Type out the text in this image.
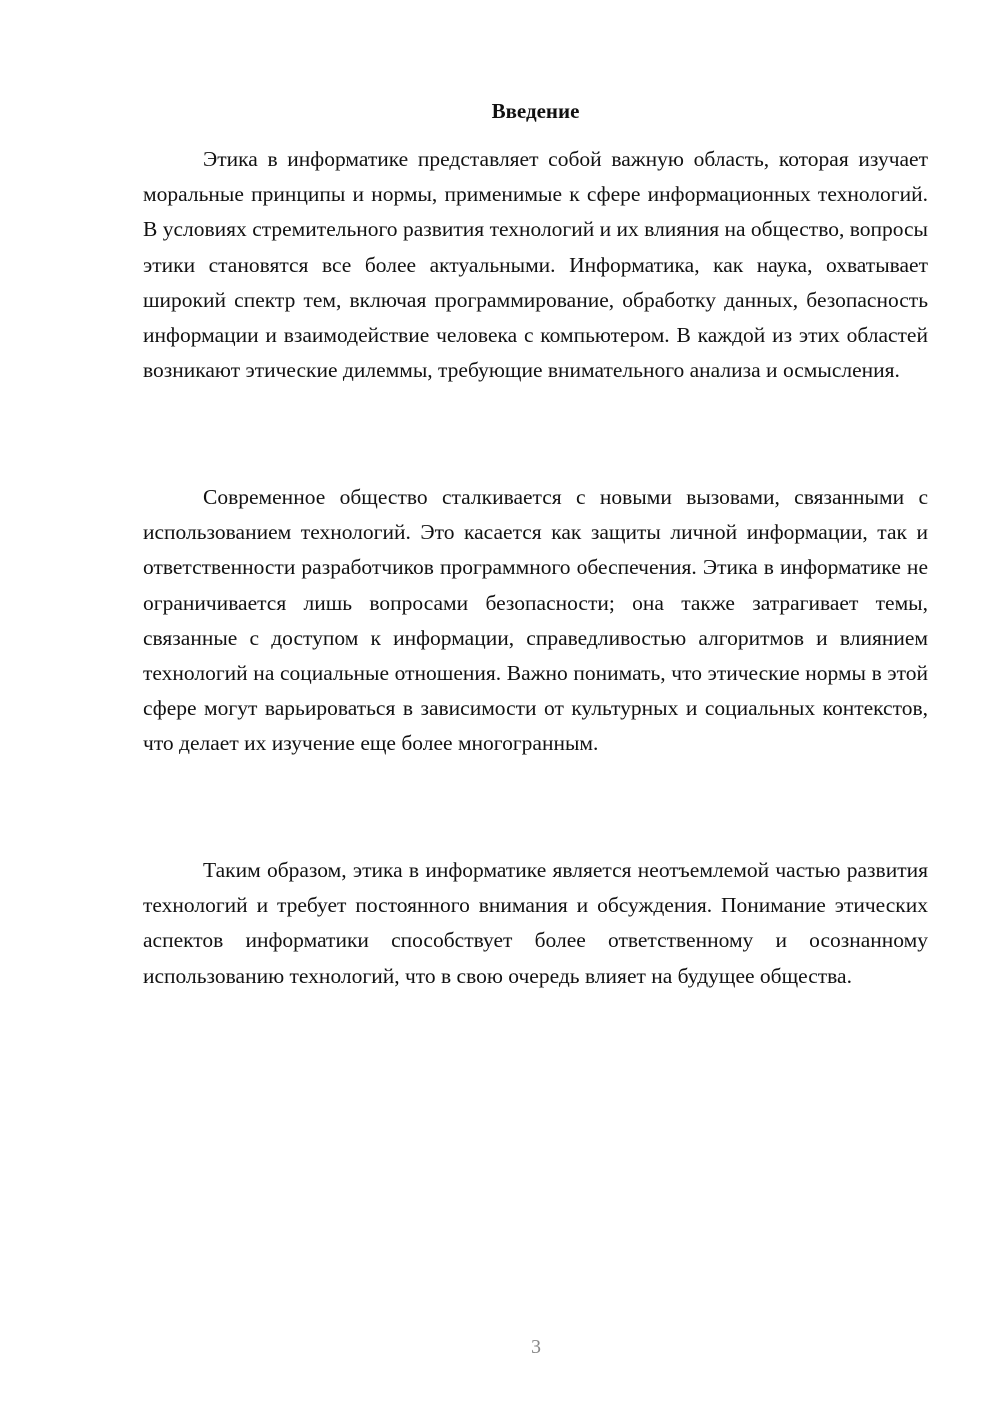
Введение

Этика в информатике представляет собой важную область, которая изучает моральные принципы и нормы, применимые к сфере информационных технологий. В условиях стремительного развития технологий и их влияния на общество, вопросы этики становятся все более актуальными. Информатика, как наука, охватывает широкий спектр тем, включая программирование, обработку данных, безопасность информации и взаимодействие человека с компьютером. В каждой из этих областей возникают этические дилеммы, требующие внимательного анализа и осмысления.

Современное общество сталкивается с новыми вызовами, связанными с использованием технологий. Это касается как защиты личной информации, так и ответственности разработчиков программного обеспечения. Этика в информатике не ограничивается лишь вопросами безопасности; она также затрагивает темы, связанные с доступом к информации, справедливостью алгоритмов и влиянием технологий на социальные отношения. Важно понимать, что этические нормы в этой сфере могут варьироваться в зависимости от культурных и социальных контекстов, что делает их изучение еще более многогранным.

Таким образом, этика в информатике является неотъемлемой частью развития технологий и требует постоянного внимания и обсуждения. Понимание этических аспектов информатики способствует более ответственному и осознанному использованию технологий, что в свою очередь влияет на будущее общества.

3
